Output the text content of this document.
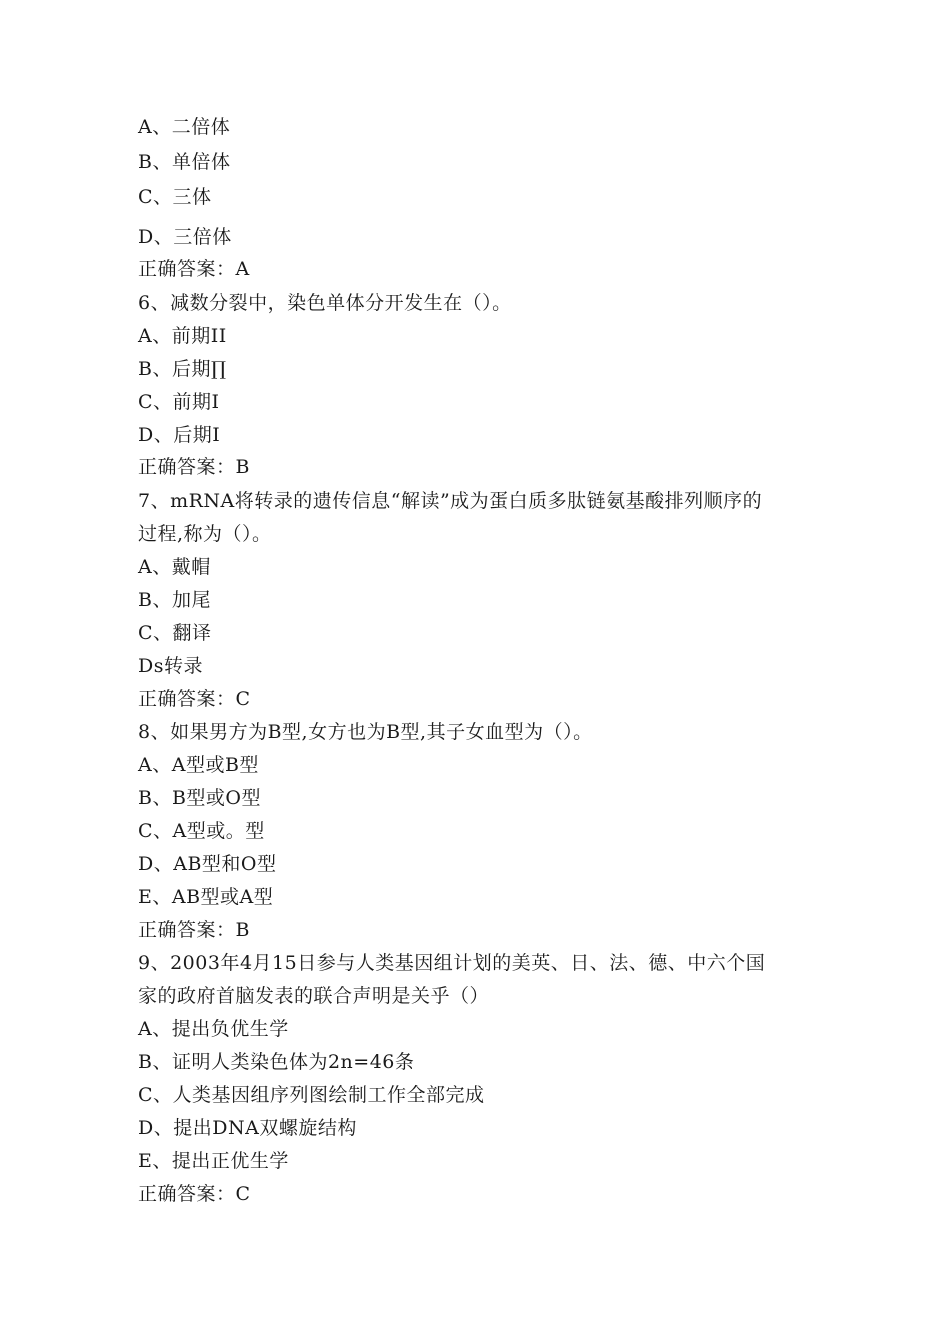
A、二倍体
B、单倍体
C、三体
D、三倍体
正确答案：A
6、减数分裂中，染色单体分开发生在（）。
A、前期II
B、后期∏
C、前期I
D、后期I
正确答案：B
7、mRNA将转录的遗传信息“解读”成为蛋白质多肽链氨基酸排列顺序的
过程,称为（）。
A、戴帽
B、加尾
C、翻译
Ds转录
正确答案：C
8、如果男方为B型,女方也为B型,其子女血型为（）。
A、A型或B型
B、B型或O型
C、A型或。型
D、AB型和O型
E、AB型或A型
正确答案：B
9、2003年4月15日参与人类基因组计划的美英、日、法、德、中六个国
家的政府首脑发表的联合声明是关乎（）
A、提出负优生学
B、证明人类染色体为2n=46条
C、人类基因组序列图绘制工作全部完成
D、提出DNA双螺旋结构
E、提出正优生学
正确答案：C
